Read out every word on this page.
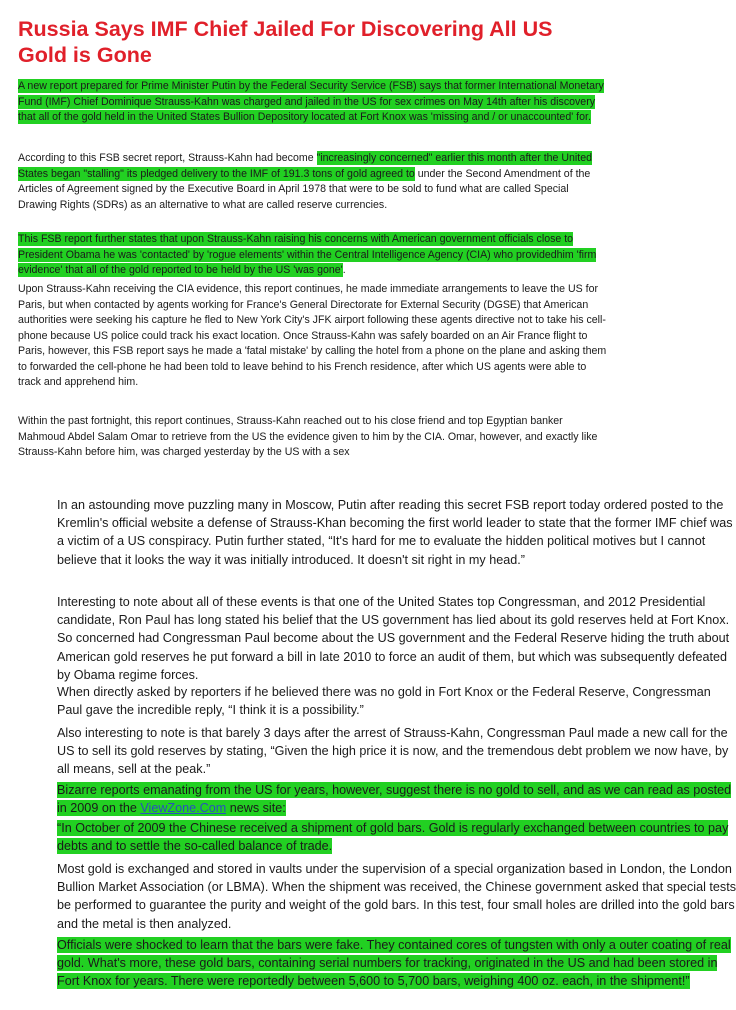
Russia Says IMF Chief Jailed For Discovering All US Gold is Gone

A new report prepared for Prime Minister Putin by the Federal Security Service (FSB) says that former International Monetary Fund (IMF) Chief Dominique Strauss-Kahn was charged and jailed in the US for sex crimes on May 14th after his discovery that all of the gold held in the United States Bullion Depository located at Fort Knox was 'missing and / or unaccounted' for.

According to this FSB secret report, Strauss-Kahn had become "increasingly concerned" earlier this month after the United States began "stalling" its pledged delivery to the IMF of 191.3 tons of gold agreed to under the Second Amendment of the Articles of Agreement signed by the Executive Board in April 1978 that were to be sold to fund what are called Special Drawing Rights (SDRs) as an alternative to what are called reserve currencies.

This FSB report further states that upon Strauss-Kahn raising his concerns with American government officials close to President Obama he was 'contacted' by 'rogue elements' within the Central Intelligence Agency (CIA) who providedhim 'firm evidence' that all of the gold reported to be held by the US 'was gone'.

Upon Strauss-Kahn receiving the CIA evidence, this report continues, he made immediate arrangements to leave the US for Paris, but when contacted by agents working for France's General Directorate for External Security (DGSE) that American authorities were seeking his capture he fled to New York City's JFK airport following these agents directive not to take his cell-phone because US police could track his exact location. Once Strauss-Kahn was safely boarded on an Air France flight to Paris, however, this FSB report says he made a 'fatal mistake' by calling the hotel from a phone on the plane and asking them to forwarded the cell-phone he had been told to leave behind to his French residence, after which US agents were able to track and apprehend him.

Within the past fortnight, this report continues, Strauss-Kahn reached out to his close friend and top Egyptian banker Mahmoud Abdel Salam Omar to retrieve from the US the evidence given to him by the CIA. Omar, however, and exactly like Strauss-Kahn before him, was charged yesterday by the US with a sex

In an astounding move puzzling many in Moscow, Putin after reading this secret FSB report today ordered posted to the Kremlin's official website a defense of Strauss-Khan becoming the first world leader to state that the former IMF chief was a victim of a US conspiracy. Putin further stated, “It's hard for me to evaluate the hidden political motives but I cannot believe that it looks the way it was initially introduced. It doesn't sit right in my head.”

Interesting to note about all of these events is that one of the United States top Congressman, and 2012 Presidential candidate, Ron Paul has long stated his belief that the US government has lied about its gold reserves held at Fort Knox. So concerned had Congressman Paul become about the US government and the Federal Reserve hiding the truth about American gold reserves he put forward a bill in late 2010 to force an audit of them, but which was subsequently defeated by Obama regime forces.

When directly asked by reporters if he believed there was no gold in Fort Knox or the Federal Reserve, Congressman Paul gave the incredible reply, “I think it is a possibility.”

Also interesting to note is that barely 3 days after the arrest of Strauss-Kahn, Congressman Paul made a new call for the US to sell its gold reserves by stating, “Given the high price it is now, and the tremendous debt problem we now have, by all means, sell at the peak.”

Bizarre reports emanating from the US for years, however, suggest there is no gold to sell, and as we can read as posted in 2009 on the ViewZone.Com news site:

“In October of 2009 the Chinese received a shipment of gold bars. Gold is regularly exchanged between countries to pay debts and to settle the so-called balance of trade.

Most gold is exchanged and stored in vaults under the supervision of a special organization based in London, the London Bullion Market Association (or LBMA). When the shipment was received, the Chinese government asked that special tests be performed to guarantee the purity and weight of the gold bars. In this test, four small holes are drilled into the gold bars and the metal is then analyzed.

Officials were shocked to learn that the bars were fake. They contained cores of tungsten with only a outer coating of real gold. What's more, these gold bars, containing serial numbers for tracking, originated in the US and had been stored in Fort Knox for years. There were reportedly between 5,600 to 5,700 bars, weighing 400 oz. each, in the shipment!”
